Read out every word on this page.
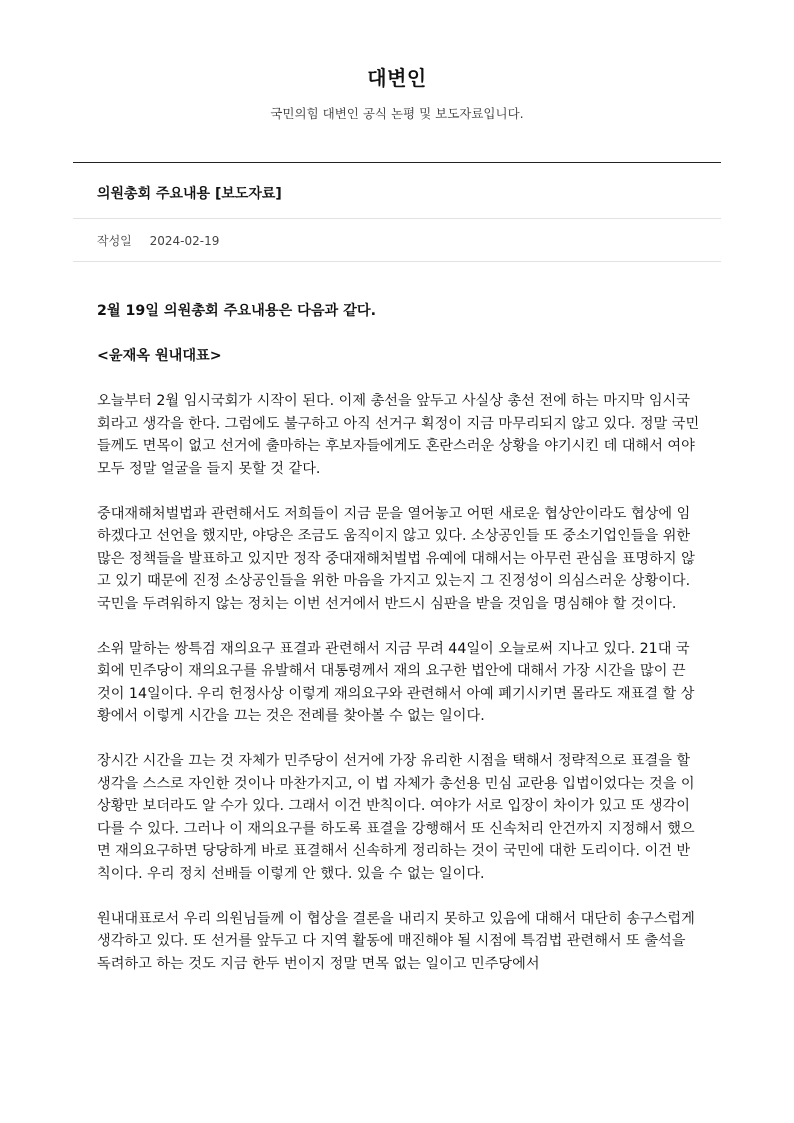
대변인

국민의힘 대변인 공식 논평 및 보도자료입니다.

의원총회 주요내용 [보도자료]
작성일 2024-02-19

2월 19일 의원총회 주요내용은 다음과 같다.

<윤재옥 원내대표>

오늘부터 2월 임시국회가 시작이 된다. 이제 총선을 앞두고 사실상 총선 전에 하는 마지막 임시국회라고 생각을 한다. 그럼에도 불구하고 아직 선거구 획정이 지금 마무리되지 않고 있다. 정말 국민들께도 면목이 없고 선거에 출마하는 후보자들에게도 혼란스러운 상황을 야기시킨 데 대해서 여야 모두 정말 얼굴을 들지 못할 것 같다.

중대재해처벌법과 관련해서도 저희들이 지금 문을 열어놓고 어떤 새로운 협상안이라도 협상에 임하겠다고 선언을 했지만, 야당은 조금도 움직이지 않고 있다. 소상공인들 또 중소기업인들을 위한 많은 정책들을 발표하고 있지만 정작 중대재해처벌법 유예에 대해서는 아무런 관심을 표명하지 않고 있기 때문에 진정 소상공인들을 위한 마음을 가지고 있는지 그 진정성이 의심스러운 상황이다. 국민을 두려워하지 않는 정치는 이번 선거에서 반드시 심판을 받을 것임을 명심해야 할 것이다.

소위 말하는 쌍특검 재의요구 표결과 관련해서 지금 무려 44일이 오늘로써 지나고 있다. 21대 국회에 민주당이 재의요구를 유발해서 대통령께서 재의 요구한 법안에 대해서 가장 시간을 많이 끈 것이 14일이다. 우리 헌정사상 이렇게 재의요구와 관련해서 아예 폐기시키면 몰라도 재표결 할 상황에서 이렇게 시간을 끄는 것은 전례를 찾아볼 수 없는 일이다.

장시간 시간을 끄는 것 자체가 민주당이 선거에 가장 유리한 시점을 택해서 정략적으로 표결을 할 생각을 스스로 자인한 것이나 마찬가지고, 이 법 자체가 총선용 민심 교란용 입법이었다는 것을 이 상황만 보더라도 알 수가 있다. 그래서 이건 반칙이다. 여야가 서로 입장이 차이가 있고 또 생각이 다를 수 있다. 그러나 이 재의요구를 하도록 표결을 강행해서 또 신속처리 안건까지 지정해서 했으면 재의요구하면 당당하게 바로 표결해서 신속하게 정리하는 것이 국민에 대한 도리이다. 이건 반칙이다. 우리 정치 선배들 이렇게 안 했다. 있을 수 없는 일이다.

원내대표로서 우리 의원님들께 이 협상을 결론을 내리지 못하고 있음에 대해서 대단히 송구스럽게 생각하고 있다. 또 선거를 앞두고 다 지역 활동에 매진해야 될 시점에 특검법 관련해서 또 출석을 독려하고 하는 것도 지금 한두 번이지 정말 면목 없는 일이고 민주당에서
